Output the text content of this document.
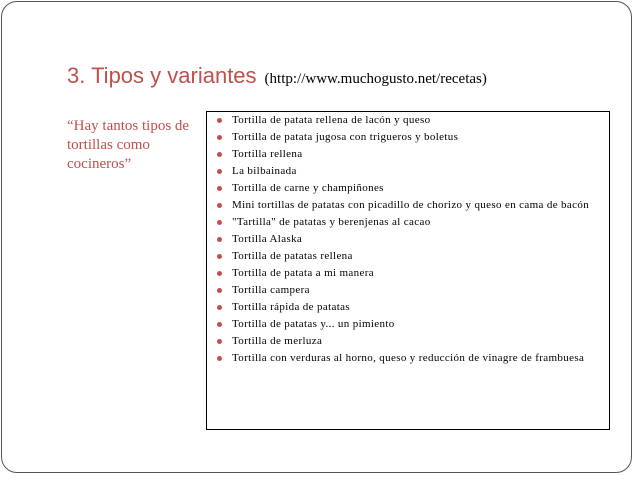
3. Tipos y variantes (http://www.muchogusto.net/recetas)
“Hay tantos tipos de tortillas como cocineros”
Tortilla de patata rellena de lacón y queso
Tortilla de patata jugosa con trigueros y boletus
Tortilla rellena
La bilbainada
Tortilla de carne y champiñones
Mini tortillas de patatas con picadillo de chorizo y queso en cama de bacón
"Tartilla" de patatas y berenjenas al cacao
Tortilla Alaska
Tortilla de patatas rellena
Tortilla de patata a mi manera
Tortilla campera
Tortilla rápida de patatas
Tortilla de patatas y... un pimiento
Tortilla de merluza
Tortilla con verduras al horno, queso y reducción de vinagre de frambuesa
